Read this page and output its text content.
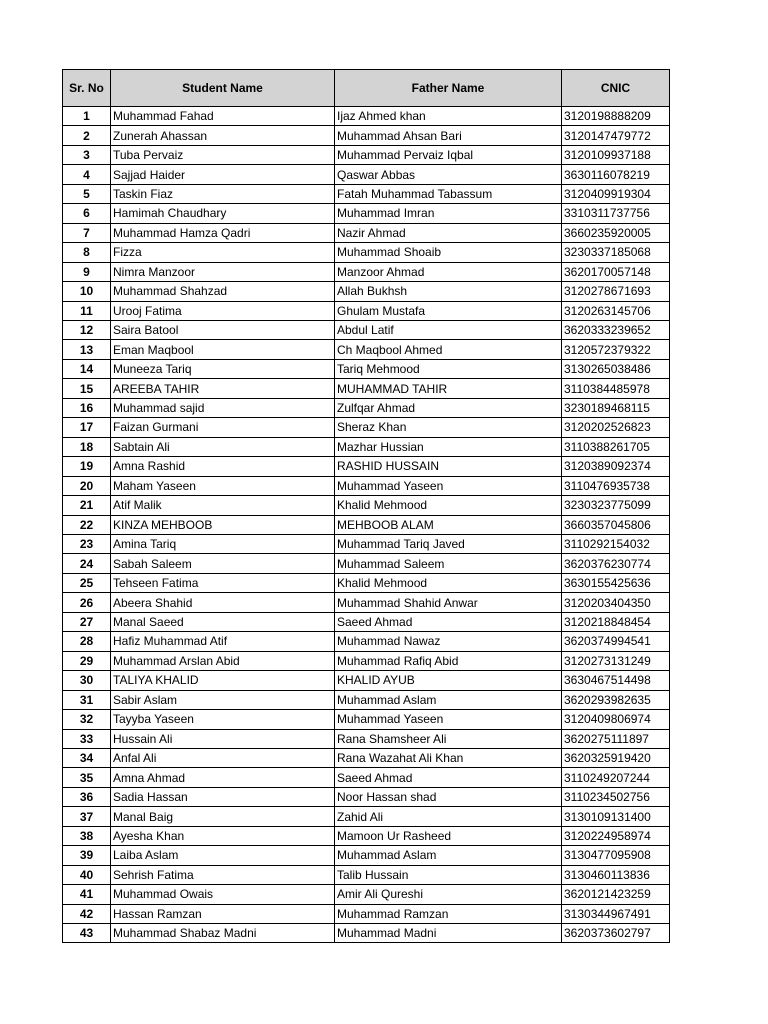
Sr. No	Student Name	Father Name	CNIC
1	Muhammad Fahad	Ijaz Ahmed khan	3120198888209
2	Zunerah Ahassan	Muhammad Ahsan Bari	3120147479772
3	Tuba Pervaiz	Muhammad Pervaiz Iqbal	3120109937188
4	Sajjad Haider	Qaswar Abbas	3630116078219
5	Taskin Fiaz	Fatah Muhammad Tabassum	3120409919304
6	Hamimah Chaudhary	Muhammad Imran	3310311737756
7	Muhammad Hamza Qadri	Nazir Ahmad	3660235920005
8	Fizza	Muhammad Shoaib	3230337185068
9	Nimra Manzoor	Manzoor Ahmad	3620170057148
10	Muhammad Shahzad	Allah Bukhsh	3120278671693
11	Urooj Fatima	Ghulam Mustafa	3120263145706
12	Saira Batool	Abdul Latif	3620333239652
13	Eman Maqbool	Ch Maqbool Ahmed	3120572379322
14	Muneeza Tariq	Tariq Mehmood	3130265038486
15	AREEBA TAHIR	MUHAMMAD TAHIR	3110384485978
16	Muhammad sajid	Zulfqar Ahmad	3230189468115
17	Faizan Gurmani	Sheraz Khan	3120202526823
18	Sabtain Ali	Mazhar Hussian	3110388261705
19	Amna Rashid	RASHID HUSSAIN	3120389092374
20	Maham Yaseen	Muhammad Yaseen	3110476935738
21	Atif Malik	Khalid Mehmood	3230323775099
22	KINZA MEHBOOB	MEHBOOB ALAM	3660357045806
23	Amina Tariq	Muhammad Tariq Javed	3110292154032
24	Sabah Saleem	Muhammad Saleem	3620376230774
25	Tehseen Fatima	Khalid Mehmood	3630155425636
26	Abeera Shahid	Muhammad Shahid Anwar	3120203404350
27	Manal Saeed	Saeed Ahmad	3120218848454
28	Hafiz Muhammad Atif	Muhammad Nawaz	3620374994541
29	Muhammad Arslan Abid	Muhammad Rafiq Abid	3120273131249
30	TALIYA KHALID	KHALID AYUB	3630467514498
31	Sabir Aslam	Muhammad Aslam	3620293982635
32	Tayyba Yaseen	Muhammad Yaseen	3120409806974
33	Hussain Ali	Rana Shamsheer Ali	3620275111897
34	Anfal Ali	Rana Wazahat Ali Khan	3620325919420
35	Amna Ahmad	Saeed Ahmad	3110249207244
36	Sadia Hassan	Noor Hassan shad	3110234502756
37	Manal Baig	Zahid Ali	3130109131400
38	Ayesha Khan	Mamoon Ur Rasheed	3120224958974
39	Laiba Aslam	Muhammad Aslam	3130477095908
40	Sehrish Fatima	Talib Hussain	3130460113836
41	Muhammad Owais	Amir Ali Qureshi	3620121423259
42	Hassan Ramzan	Muhammad Ramzan	3130344967491
43	Muhammad Shabaz Madni	Muhammad Madni	3620373602797
